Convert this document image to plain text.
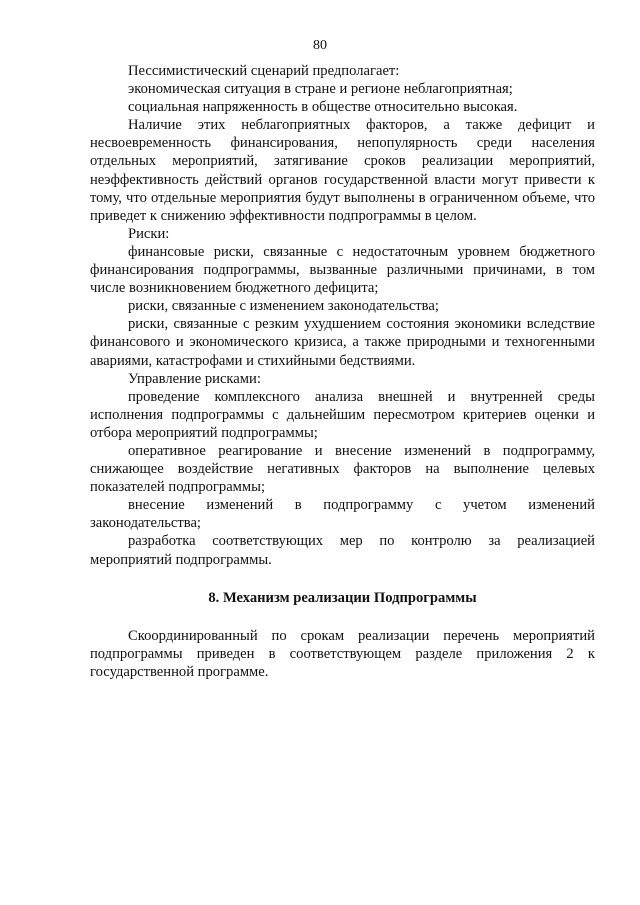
80

Пессимистический сценарий предполагает:

экономическая ситуация в стране и регионе неблагоприятная;

социальная напряженность в обществе относительно высокая.

Наличие этих неблагоприятных факторов, а также дефицит и несвоевременность финансирования, непопулярность среди населения отдельных мероприятий, затягивание сроков реализации мероприятий, неэффективность действий органов государственной власти могут привести к тому, что отдельные мероприятия будут выполнены в ограниченном объеме, что приведет к снижению эффективности подпрограммы в целом.

Риски:

финансовые риски, связанные с недостаточным уровнем бюджетного финансирования подпрограммы, вызванные различными причинами, в том числе возникновением бюджетного дефицита;

риски, связанные с изменением законодательства;

риски, связанные с резким ухудшением состояния экономики вследствие финансового и экономического кризиса, а также природными и техногенными авариями, катастрофами и стихийными бедствиями.

Управление рисками:

проведение комплексного анализа внешней и внутренней среды исполнения подпрограммы с дальнейшим пересмотром критериев оценки и отбора мероприятий подпрограммы;

оперативное реагирование и внесение изменений в подпрограмму, снижающее воздействие негативных факторов на выполнение целевых показателей подпрограммы;

внесение изменений в подпрограмму с учетом изменений законодательства;

разработка соответствующих мер по контролю за реализацией мероприятий подпрограммы.

8. Механизм реализации Подпрограммы

Скоординированный по срокам реализации перечень мероприятий подпрограммы приведен в соответствующем разделе приложения 2 к государственной программе.
